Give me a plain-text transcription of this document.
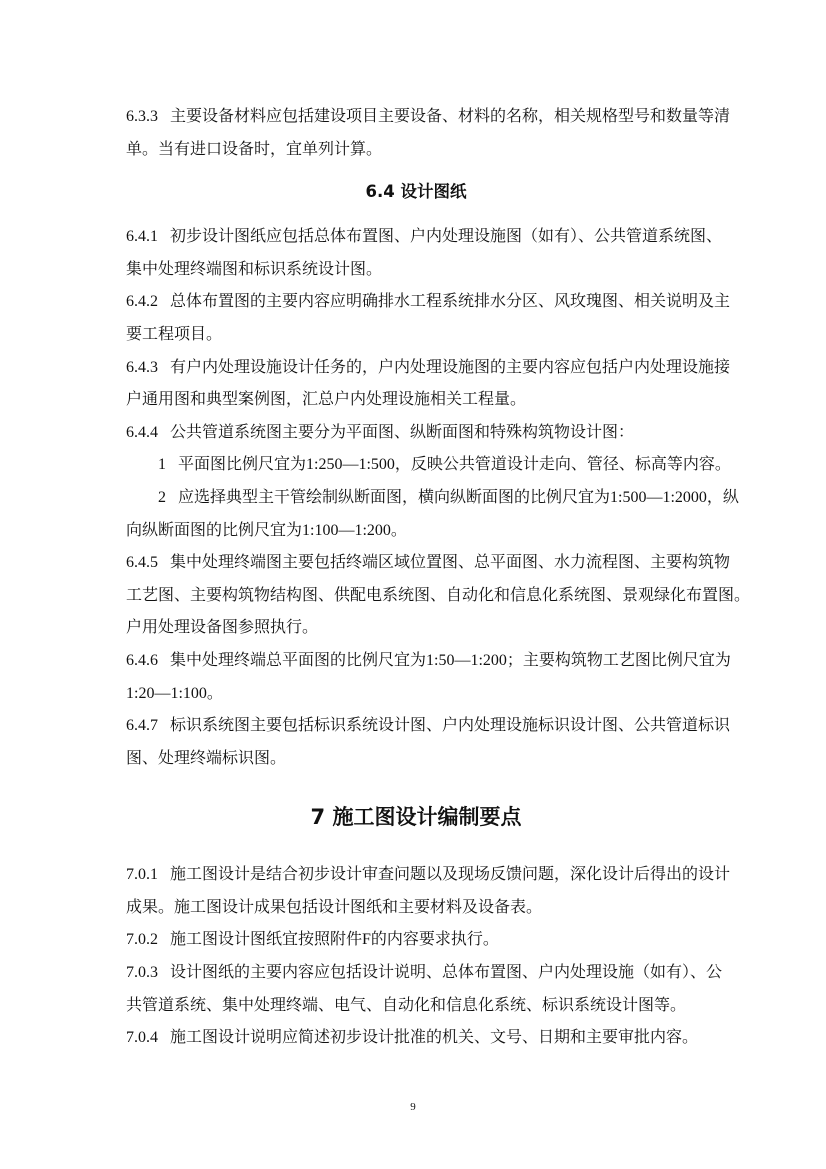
6.3.3 主要设备材料应包括建设项目主要设备、材料的名称，相关规格型号和数量等清
单。当有进口设备时，宜单列计算。
6.4 设计图纸
6.4.1 初步设计图纸应包括总体布置图、户内处理设施图（如有）、公共管道系统图、
集中处理终端图和标识系统设计图。
6.4.2 总体布置图的主要内容应明确排水工程系统排水分区、风玫瑰图、相关说明及主
要工程项目。
6.4.3 有户内处理设施设计任务的，户内处理设施图的主要内容应包括户内处理设施接
户通用图和典型案例图，汇总户内处理设施相关工程量。
6.4.4 公共管道系统图主要分为平面图、纵断面图和特殊构筑物设计图：
1 平面图比例尺宜为1:250—1:500，反映公共管道设计走向、管径、标高等内容。
2 应选择典型主干管绘制纵断面图，横向纵断面图的比例尺宜为1:500—1:2000，纵
向纵断面图的比例尺宜为1:100—1:200。
6.4.5 集中处理终端图主要包括终端区域位置图、总平面图、水力流程图、主要构筑物
工艺图、主要构筑物结构图、供配电系统图、自动化和信息化系统图、景观绿化布置图。
户用处理设备图参照执行。
6.4.6 集中处理终端总平面图的比例尺宜为1:50—1:200；主要构筑物工艺图比例尺宜为
1:20—1:100。
6.4.7 标识系统图主要包括标识系统设计图、户内处理设施标识设计图、公共管道标识
图、处理终端标识图。
7 施工图设计编制要点
7.0.1 施工图设计是结合初步设计审查问题以及现场反馈问题，深化设计后得出的设计
成果。施工图设计成果包括设计图纸和主要材料及设备表。
7.0.2 施工图设计图纸宜按照附件F的内容要求执行。
7.0.3 设计图纸的主要内容应包括设计说明、总体布置图、户内处理设施（如有）、公
共管道系统、集中处理终端、电气、自动化和信息化系统、标识系统设计图等。
7.0.4 施工图设计说明应简述初步设计批准的机关、文号、日期和主要审批内容。
9
